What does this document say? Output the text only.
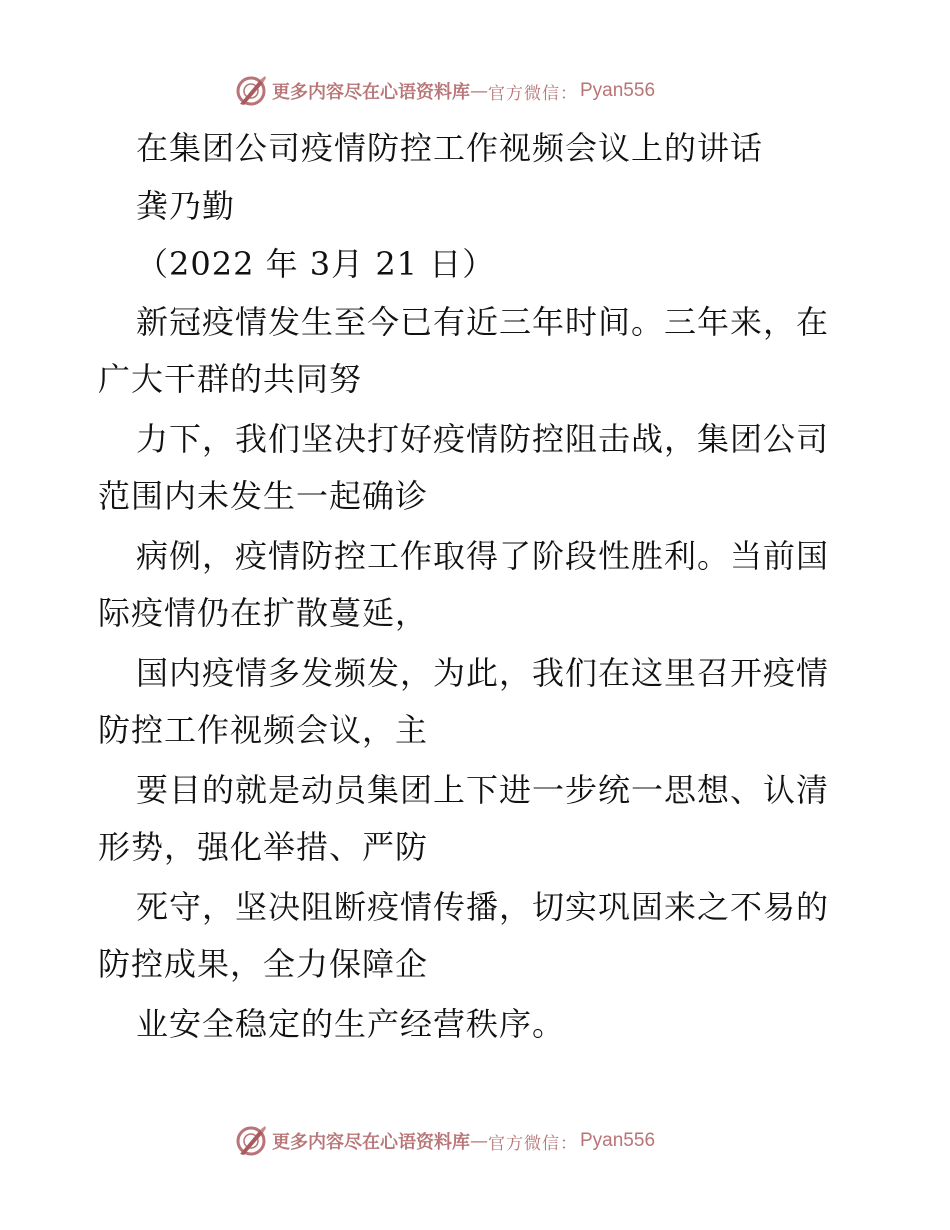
更多内容尽在心语资料库 — 官方微信： Pyan556
在集团公司疫情防控工作视频会议上的讲话
龚乃勤
（2022 年 3月 21 日）
新冠疫情发生至今已有近三年时间。三年来，在
广大干群的共同努
力下，我们坚决打好疫情防控阻击战，集团公司
范围内未发生一起确诊
病例，疫情防控工作取得了阶段性胜利。当前国
际疫情仍在扩散蔓延，
国内疫情多发频发，为此，我们在这里召开疫情
防控工作视频会议，主
要目的就是动员集团上下进一步统一思想、认清
形势，强化举措、严防
死守，坚决阻断疫情传播，切实巩固来之不易的
防控成果，全力保障企
业安全稳定的生产经营秩序。
更多内容尽在心语资料库 — 官方微信： Pyan556
